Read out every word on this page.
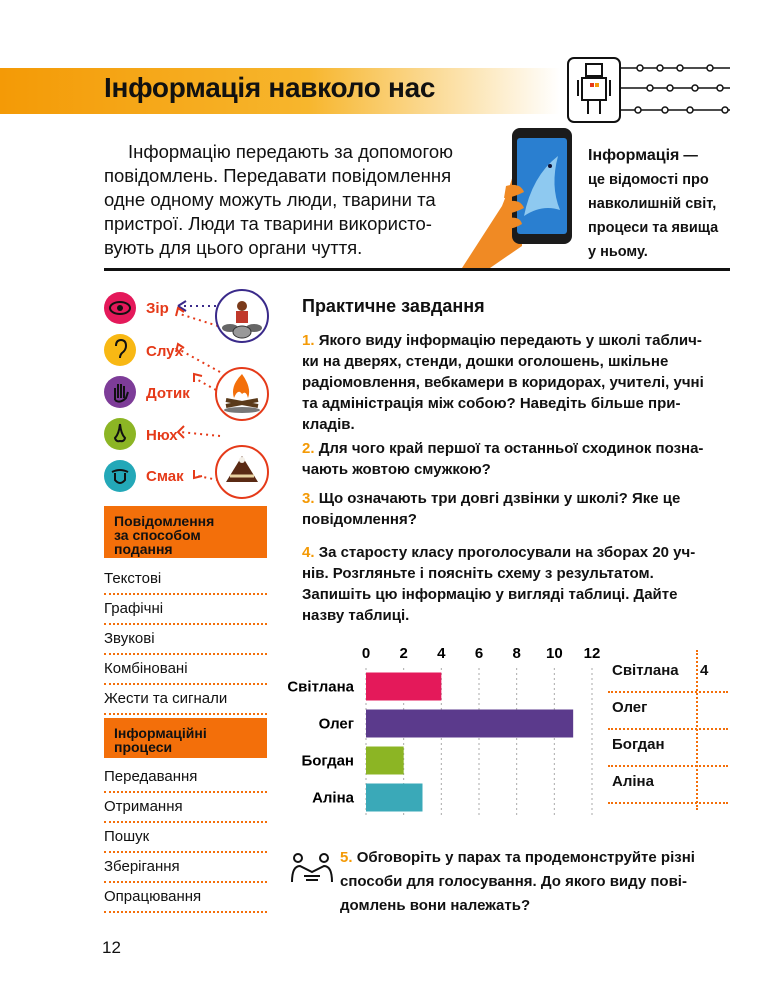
Інформація навколо нас
Інформацію передають за допомогою
повідомлень. Передавати повідомлення
одне одному можуть люди, тварини та
пристрої. Люди та тварини використо-
вують для цього органи чуття.
Інформація —
це відомості про
навколишній світ,
процеси та явища
у ньому.
Зір
Слух
Дотик
Нюх
Смак
Повідомлення
за способом
подання
Текстові
Графічні
Звукові
Комбіновані
Жести та сигнали
Інформаційні
процеси
Передавання
Отримання
Пошук
Зберігання
Опрацювання
Практичне завдання
1. Якого виду інформацію передають у школі таблич-
ки на дверях, стенди, дошки оголошень, шкільне
радіомовлення, вебкамери в коридорах, учителі, учні
та адміністрація між собою? Наведіть більше при-
кладів.
2. Для чого край першої та останньої сходинок позна-
чають жовтою смужкою?
3. Що означають три довгі дзвінки у школі? Яке це
повідомлення?
4. За старосту класу проголосували на зборах 20 уч-
нів. Розгляньте і поясніть схему з результатом.
Запишіть цю інформацію у вигляді таблиці. Дайте
назву таблиці.
0 2 4 6 8 10 12
Світлана
Олег
Богдан
Аліна
Світлана 4
Олег
Богдан
Аліна
5. Обговоріть у парах та продемонструйте різні
способи для голосування. До якого виду пові-
домлень вони належать?
12
